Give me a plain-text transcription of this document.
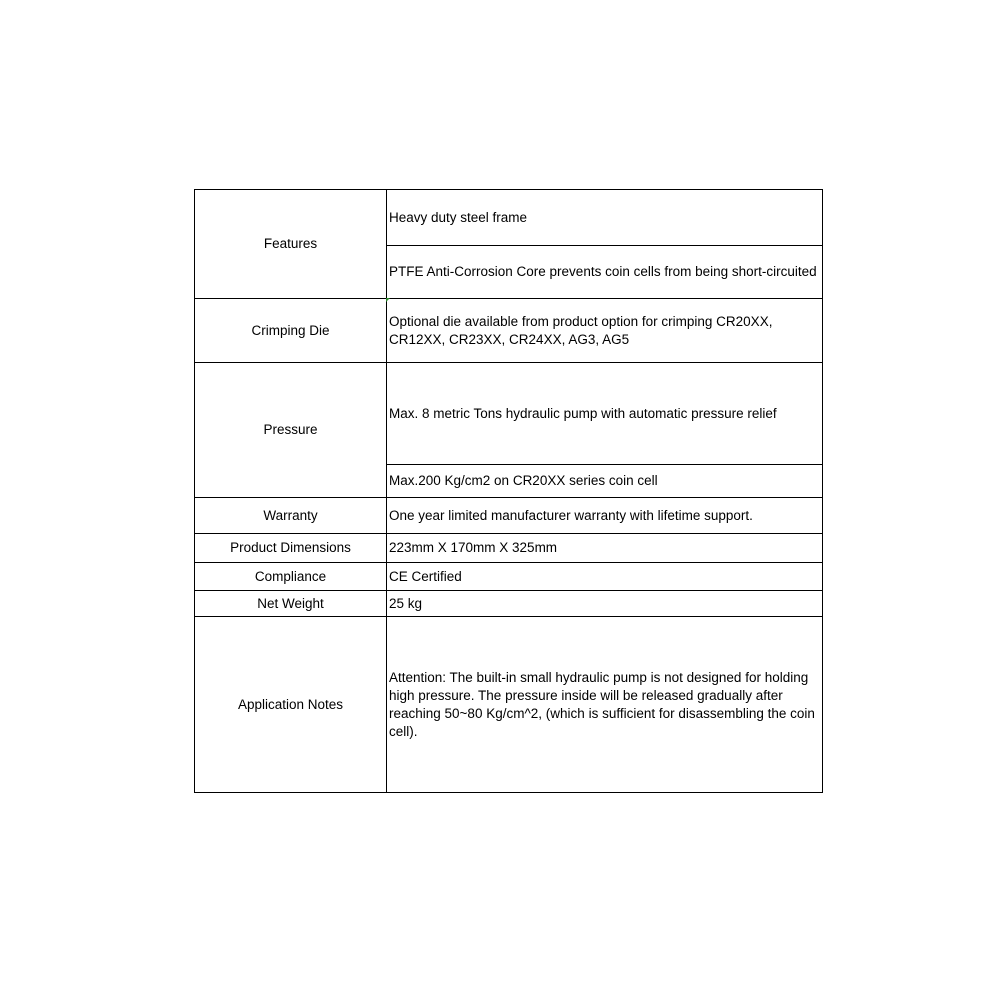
Features	Heavy duty steel frame
	PTFE Anti-Corrosion Core prevents coin cells from being short-circuited
Crimping Die	Optional die available from product option for crimping CR20XX, CR12XX, CR23XX, CR24XX, AG3, AG5
Pressure	Max. 8 metric Tons hydraulic pump with automatic pressure relief
	Max.200 Kg/cm2 on CR20XX series coin cell
Warranty	One year limited manufacturer warranty with lifetime support.
Product Dimensions	223mm X 170mm X 325mm
Compliance	CE Certified
Net Weight	25 kg
Application Notes	Attention: The built-in small hydraulic pump is not designed for holding high pressure. The pressure inside will be released gradually after reaching 50~80 Kg/cm^2, (which is sufficient for disassembling the coin cell).
